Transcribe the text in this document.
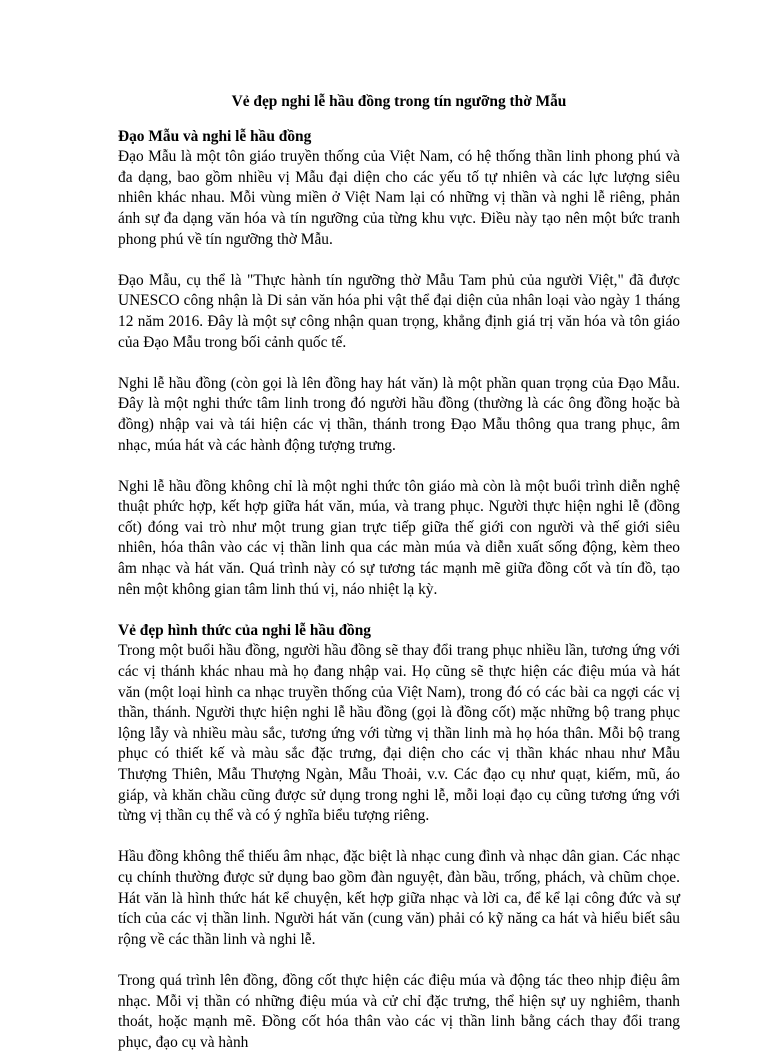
Vẻ đẹp nghi lễ hầu đồng trong tín ngưỡng thờ Mẫu
Đạo Mẫu và nghi lễ hầu đồng

Đạo Mẫu là một tôn giáo truyền thống của Việt Nam, có hệ thống thần linh phong phú và đa dạng, bao gồm nhiều vị Mẫu đại diện cho các yếu tố tự nhiên và các lực lượng siêu nhiên khác nhau. Mỗi vùng miền ở Việt Nam lại có những vị thần và nghi lễ riêng, phản ánh sự đa dạng văn hóa và tín ngưỡng của từng khu vực. Điều này tạo nên một bức tranh phong phú về tín ngưỡng thờ Mẫu.

Đạo Mẫu, cụ thể là "Thực hành tín ngưỡng thờ Mẫu Tam phủ của người Việt," đã được UNESCO công nhận là Di sản văn hóa phi vật thể đại diện của nhân loại vào ngày 1 tháng 12 năm 2016. Đây là một sự công nhận quan trọng, khẳng định giá trị văn hóa và tôn giáo của Đạo Mẫu trong bối cảnh quốc tế.

Nghi lễ hầu đồng (còn gọi là lên đồng hay hát văn) là một phần quan trọng của Đạo Mẫu. Đây là một nghi thức tâm linh trong đó người hầu đồng (thường là các ông đồng hoặc bà đồng) nhập vai và tái hiện các vị thần, thánh trong Đạo Mẫu thông qua trang phục, âm nhạc, múa hát và các hành động tượng trưng.

Nghi lễ hầu đồng không chỉ là một nghi thức tôn giáo mà còn là một buổi trình diễn nghệ thuật phức hợp, kết hợp giữa hát văn, múa, và trang phục. Người thực hiện nghi lễ (đồng cốt) đóng vai trò như một trung gian trực tiếp giữa thế giới con người và thế giới siêu nhiên, hóa thân vào các vị thần linh qua các màn múa và diễn xuất sống động, kèm theo âm nhạc và hát văn. Quá trình này có sự tương tác mạnh mẽ giữa đồng cốt và tín đồ, tạo nên một không gian tâm linh thú vị, náo nhiệt lạ kỳ.

Vẻ đẹp hình thức của nghi lễ hầu đồng

Trong một buổi hầu đồng, người hầu đồng sẽ thay đổi trang phục nhiều lần, tương ứng với các vị thánh khác nhau mà họ đang nhập vai. Họ cũng sẽ thực hiện các điệu múa và hát văn (một loại hình ca nhạc truyền thống của Việt Nam), trong đó có các bài ca ngợi các vị thần, thánh. Người thực hiện nghi lễ hầu đồng (gọi là đồng cốt) mặc những bộ trang phục lộng lẫy và nhiều màu sắc, tương ứng với từng vị thần linh mà họ hóa thân. Mỗi bộ trang phục có thiết kế và màu sắc đặc trưng, đại diện cho các vị thần khác nhau như Mẫu Thượng Thiên, Mẫu Thượng Ngàn, Mẫu Thoải, v.v. Các đạo cụ như quạt, kiếm, mũ, áo giáp, và khăn chầu cũng được sử dụng trong nghi lễ, mỗi loại đạo cụ cũng tương ứng với từng vị thần cụ thể và có ý nghĩa biểu tượng riêng.

Hầu đồng không thể thiếu âm nhạc, đặc biệt là nhạc cung đình và nhạc dân gian. Các nhạc cụ chính thường được sử dụng bao gồm đàn nguyệt, đàn bầu, trống, phách, và chũm chọe. Hát văn là hình thức hát kể chuyện, kết hợp giữa nhạc và lời ca, để kể lại công đức và sự tích của các vị thần linh. Người hát văn (cung văn) phải có kỹ năng ca hát và hiểu biết sâu rộng về các thần linh và nghi lễ.

Trong quá trình lên đồng, đồng cốt thực hiện các điệu múa và động tác theo nhịp điệu âm nhạc. Mỗi vị thần có những điệu múa và cử chỉ đặc trưng, thể hiện sự uy nghiêm, thanh thoát, hoặc mạnh mẽ. Đồng cốt hóa thân vào các vị thần linh bằng cách thay đổi trang phục, đạo cụ và hành
